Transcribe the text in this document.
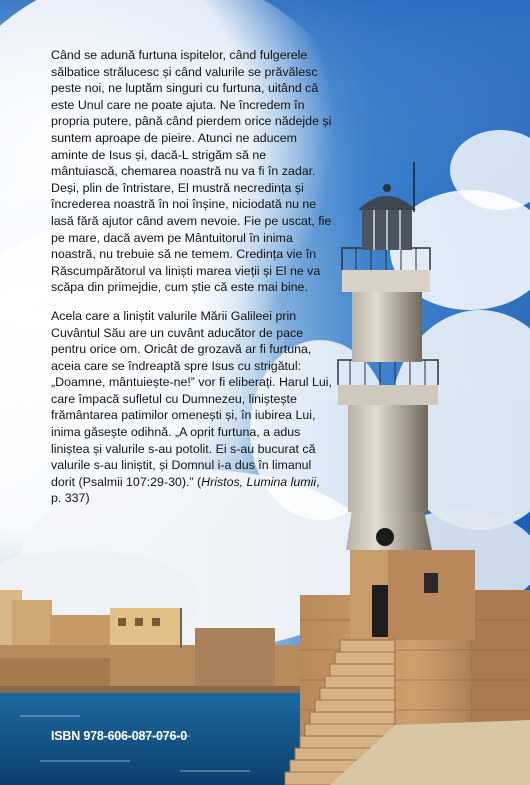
Când se adună furtuna ispitelor, când fulgerele sălbatice strălucesc și când valurile se prăvălesc peste noi, ne luptăm singuri cu furtuna, uitând că este Unul care ne poate ajuta. Ne încredem în propria putere, până când pierdem orice nădejde și suntem aproape de pieire. Atunci ne aducem aminte de Isus și, dacă-L strigăm să ne mântuiască, chemarea noastră nu va fi în zadar. Deși, plin de întristare, El mustră necredința și încrederea noastră în noi înșine, niciodată nu ne lasă fără ajutor când avem nevoie. Fie pe uscat, fie pe mare, dacă avem pe Mântuitorul în inima noastră, nu trebuie să ne temem. Credința vie în Răscumpărătorul va liniști marea vieții și El ne va scăpa din primejdie, cum știe că este mai bine.

Acela care a liniștit valurile Mării Galileei prin Cuvântul Său are un cuvânt aducător de pace pentru orice om. Oricât de grozavă ar fi furtuna, aceia care se îndreaptă spre Isus cu strigătul: „Doamne, mântuiește-ne!” vor fi eliberați. Harul Lui, care împacă sufletul cu Dumnezeu, liniștește frământarea patimilor omenești și, în iubirea Lui, inima găsește odihnă. „A oprit furtuna, a adus liniștea și valurile s-au potolit. Ei s-au bucurat că valurile s-au liniștit, și Domnul i-a dus în limanul dorit (Psalmii 107:29-30).” (Hristos, Lumina lumii, p. 337)

ISBN 978-606-087-076-0
